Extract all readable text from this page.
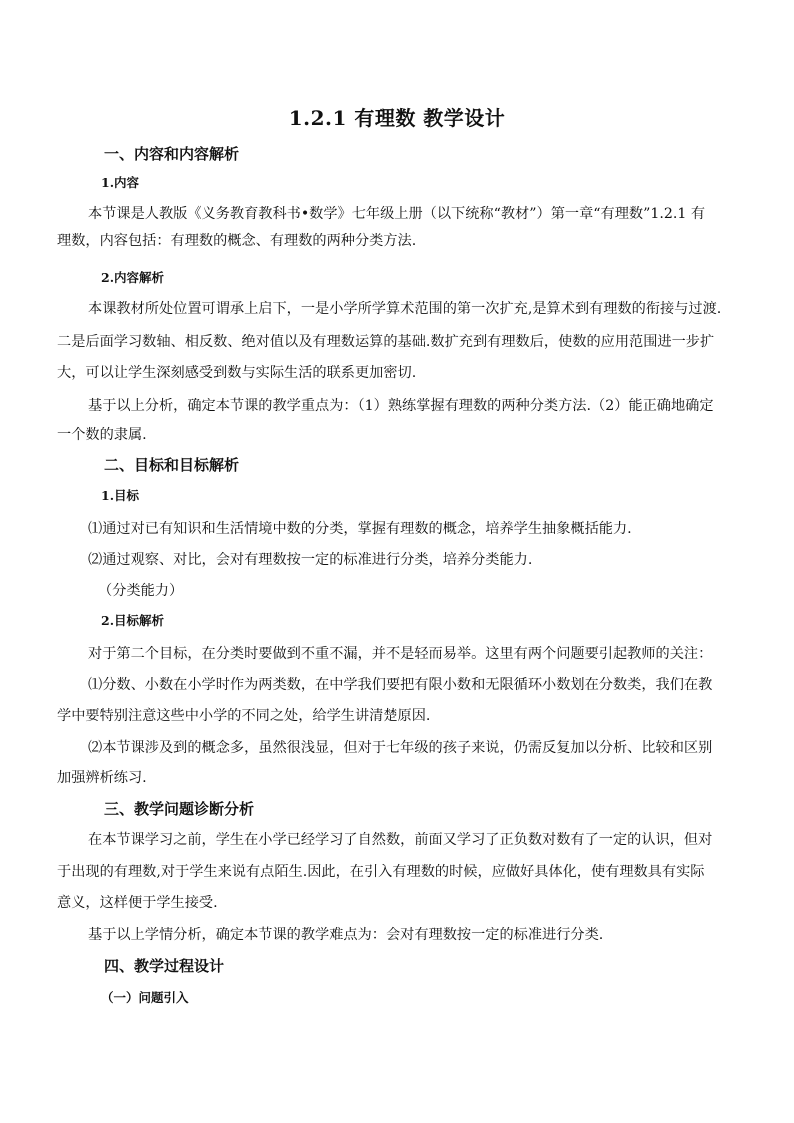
1.2.1 有理数 教学设计
一、内容和内容解析
1.内容
本节课是人教版《义务教育教科书•数学》七年级上册（以下统称“教材”）第一章“有理数”1.2.1 有
理数，内容包括：有理数的概念、有理数的两种分类方法.
2.内容解析
本课教材所处位置可谓承上启下，一是小学所学算术范围的第一次扩充,是算术到有理数的衔接与过渡.
二是后面学习数轴、相反数、绝对值以及有理数运算的基础.数扩充到有理数后，使数的应用范围进一步扩
大，可以让学生深刻感受到数与实际生活的联系更加密切.
基于以上分析，确定本节课的教学重点为：（1）熟练掌握有理数的两种分类方法.（2）能正确地确定
一个数的隶属.
二、目标和目标解析
1.目标
⑴通过对已有知识和生活情境中数的分类，掌握有理数的概念，培养学生抽象概括能力.
⑵通过观察、对比，会对有理数按一定的标准进行分类，培养分类能力.
（分类能力）
2.目标解析
对于第二个目标，在分类时要做到不重不漏，并不是轻而易举。这里有两个问题要引起教师的关注：
⑴分数、小数在小学时作为两类数，在中学我们要把有限小数和无限循环小数划在分数类，我们在教
学中要特别注意这些中小学的不同之处，给学生讲清楚原因.
⑵本节课涉及到的概念多，虽然很浅显，但对于七年级的孩子来说，仍需反复加以分析、比较和区别
加强辨析练习.
三、教学问题诊断分析
在本节课学习之前，学生在小学已经学习了自然数，前面又学习了正负数对数有了一定的认识，但对
于出现的有理数,对于学生来说有点陌生.因此，在引入有理数的时候，应做好具体化，使有理数具有实际
意义，这样便于学生接受.
基于以上学情分析，确定本节课的教学难点为：会对有理数按一定的标准进行分类.
四、教学过程设计
（一）问题引入
